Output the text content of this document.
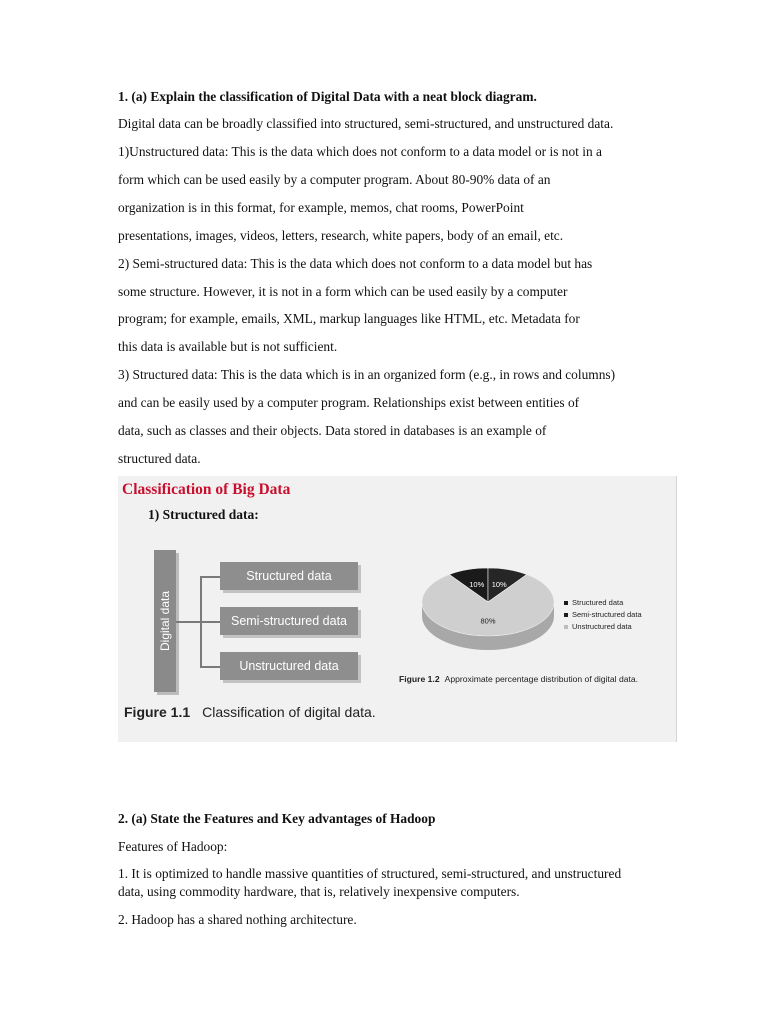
1. (a) Explain the classification of Digital Data with a neat block diagram.
Digital data can be broadly classified into structured, semi-structured, and unstructured data.
1)Unstructured data: This is the data which does not conform to a data model or is not in a
form which can be used easily by a computer program. About 80-90% data of an
organization is in this format, for example, memos, chat rooms, PowerPoint
presentations, images, videos, letters, research, white papers, body of an email, etc.
2) Semi-structured data: This is the data which does not conform to a data model but has
some structure. However, it is not in a form which can be used easily by a computer
program; for example, emails, XML, markup languages like HTML, etc. Metadata for
this data is available but is not sufficient.
3) Structured data: This is the data which is in an organized form (e.g., in rows and columns)
and can be easily used by a computer program. Relationships exist between entities of
data, such as classes and their objects. Data stored in databases is an example of
structured data.
Classification of Big Data
1) Structured data:
Digital data
Structured data
Semi-structured data
Unstructured data
Figure 1.1 Classification of digital data.
10% 10%
80%
Structured data
Semi-structured data
Unstructured data
Figure 1.2 Approximate percentage distribution of digital data.
2. (a) State the Features and Key advantages of Hadoop
Features of Hadoop:
1. It is optimized to handle massive quantities of structured, semi-structured, and unstructured
data, using commodity hardware, that is, relatively inexpensive computers.
2. Hadoop has a shared nothing architecture.
